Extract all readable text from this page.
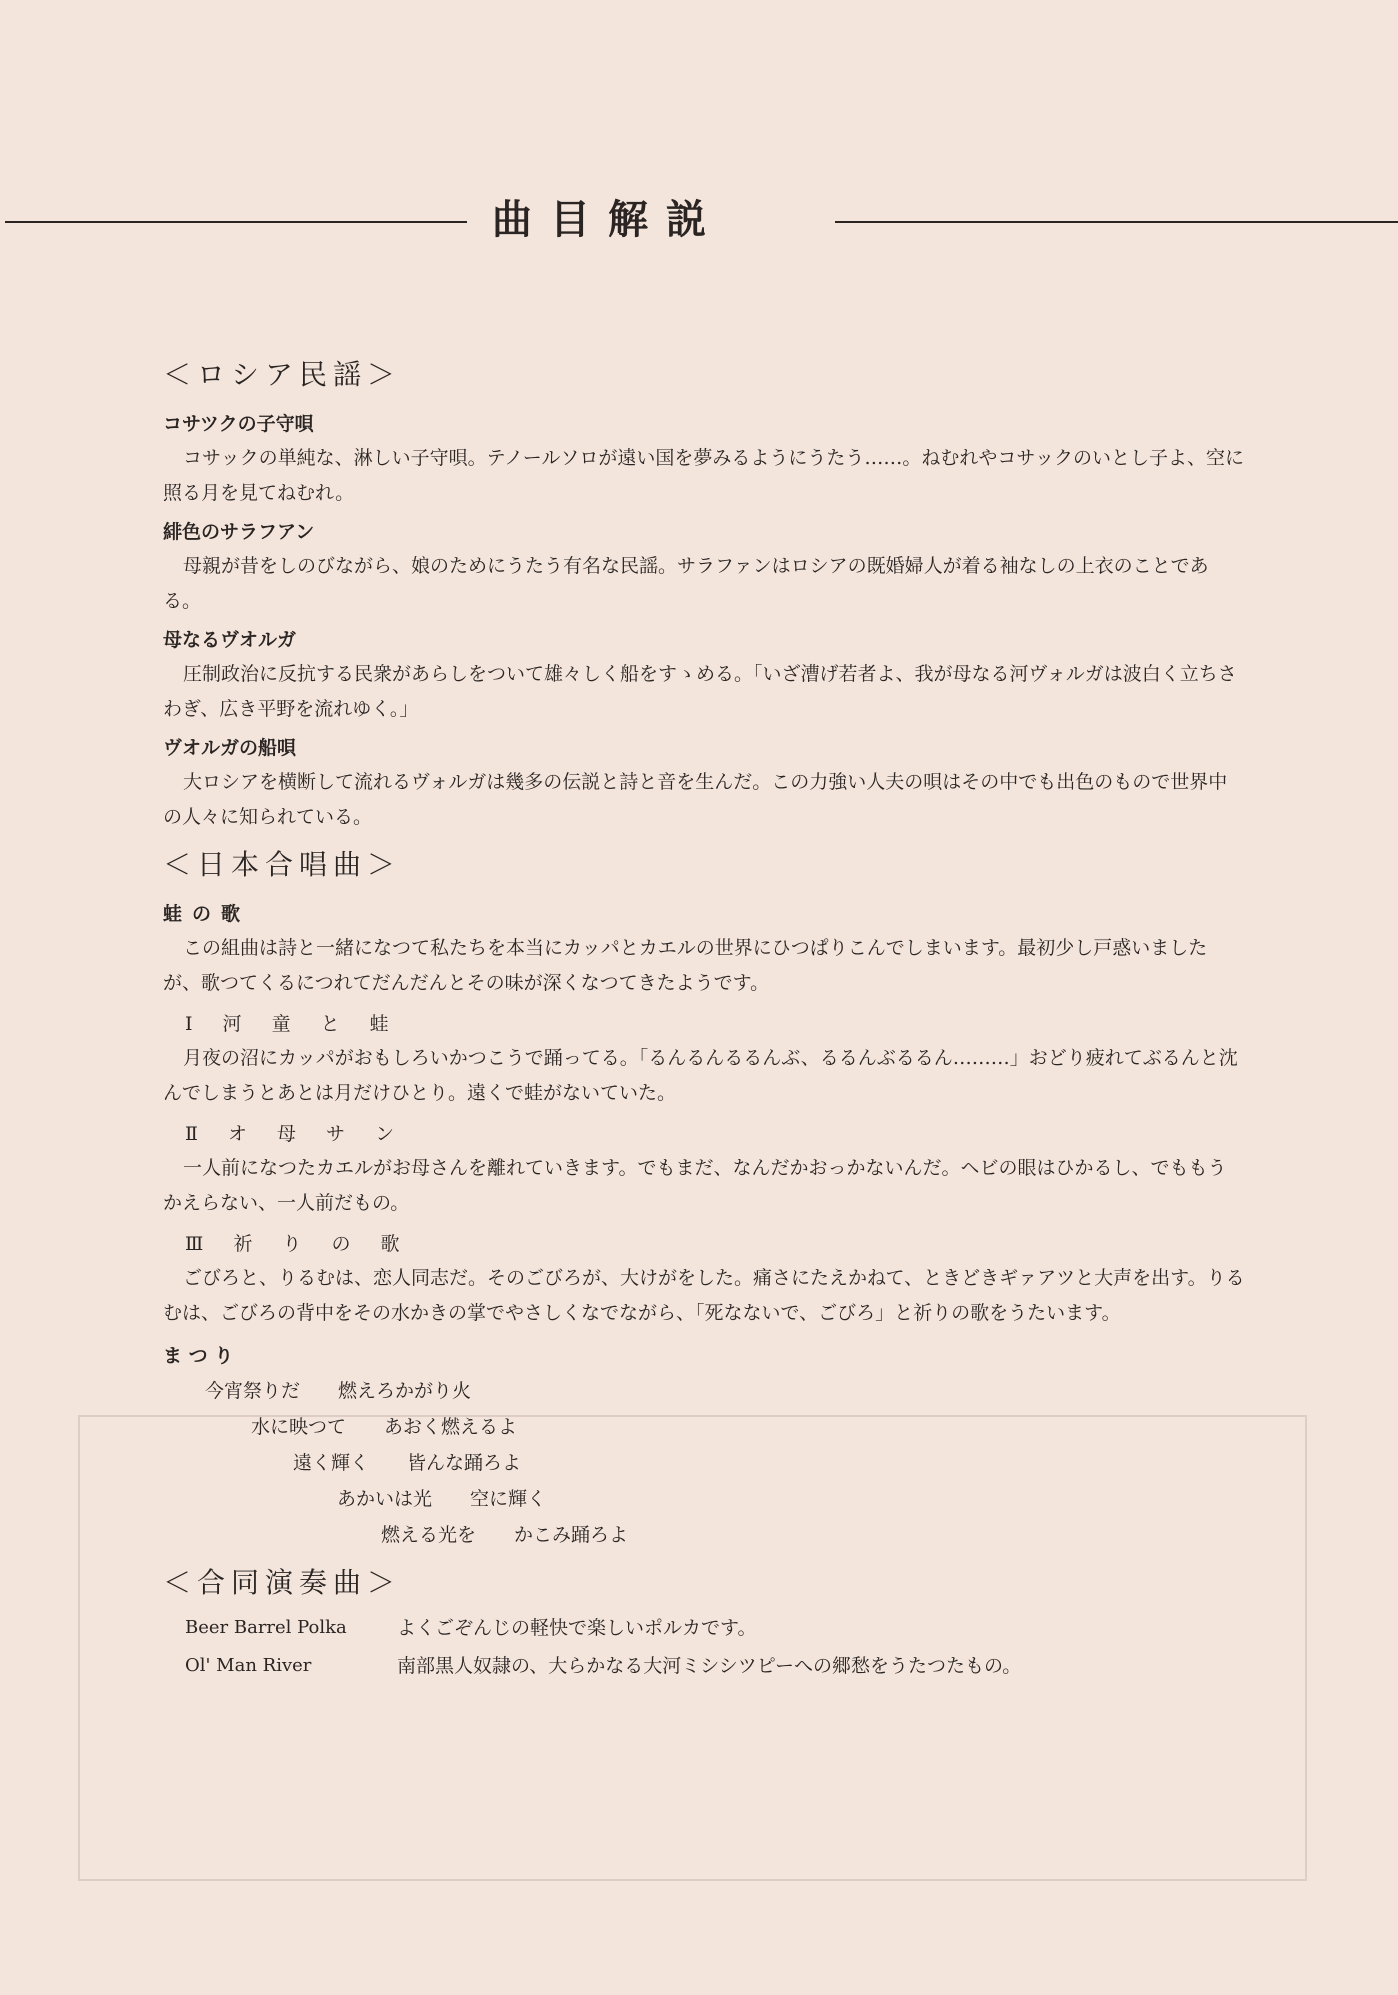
曲目解説
＜ロシア民謡＞
コサツクの子守唄

コサックの単純な、淋しい子守唄。テノールソロが遠い国を夢みるようにうたう……。ねむれやコサックのいとし子よ、空に照る月を見てねむれ。

緋色のサラフアン

母親が昔をしのびながら、娘のためにうたう有名な民謡。サラファンはロシアの既婚婦人が着る袖なしの上衣のことである。

母なるヴオルガ

圧制政治に反抗する民衆があらしをついて雄々しく船をすゝめる。「いざ漕げ若者よ、我が母なる河ヴォルガは波白く立ちさわぎ、広き平野を流れゆく。」

ヴオルガの船唄

大ロシアを横断して流れるヴォルガは幾多の伝説と詩と音を生んだ。この力強い人夫の唄はその中でも出色のもので世界中の人々に知られている。

＜日本合唱曲＞
蛙の歌

この組曲は詩と一緒になつて私たちを本当にカッパとカエルの世界にひつぱりこんでしまいます。最初少し戸惑いましたが、歌つてくるにつれてだんだんとその味が深くなつてきたようです。

Ⅰ 河 童 と 蛙

月夜の沼にカッパがおもしろいかつこうで踊ってる。「るんるんるるんぶ、るるんぶるるん………」おどり疲れてぶるんと沈んでしまうとあとは月だけひとり。遠くで蛙がないていた。

Ⅱ オ 母 サ ン

一人前になつたカエルがお母さんを離れていきます。でもまだ、なんだかおっかないんだ。ヘビの眼はひかるし、でももうかえらない、一人前だもの。

Ⅲ 祈 り の 歌

ごびろと、りるむは、恋人同志だ。そのごびろが、大けがをした。痛さにたえかねて、ときどきギァアツと大声を出す。りるむは、ごびろの背中をその水かきの掌でやさしくなでながら、「死なないで、ごびろ」と祈りの歌をうたいます。

ま つ り
今宵祭りだ　　燃えろかがり火
水に映つて　　あおく燃えるよ
遠く輝く　　皆んな踊ろよ
あかいは光　　空に輝く
燃える光を　　かこみ踊ろよ
＜合同演奏曲＞
Beer Barrel Polka	よくごぞんじの軽快で楽しいポルカです。
Ol' Man River	南部黒人奴隷の、大らかなる大河ミシシツピーへの郷愁をうたつたもの。
